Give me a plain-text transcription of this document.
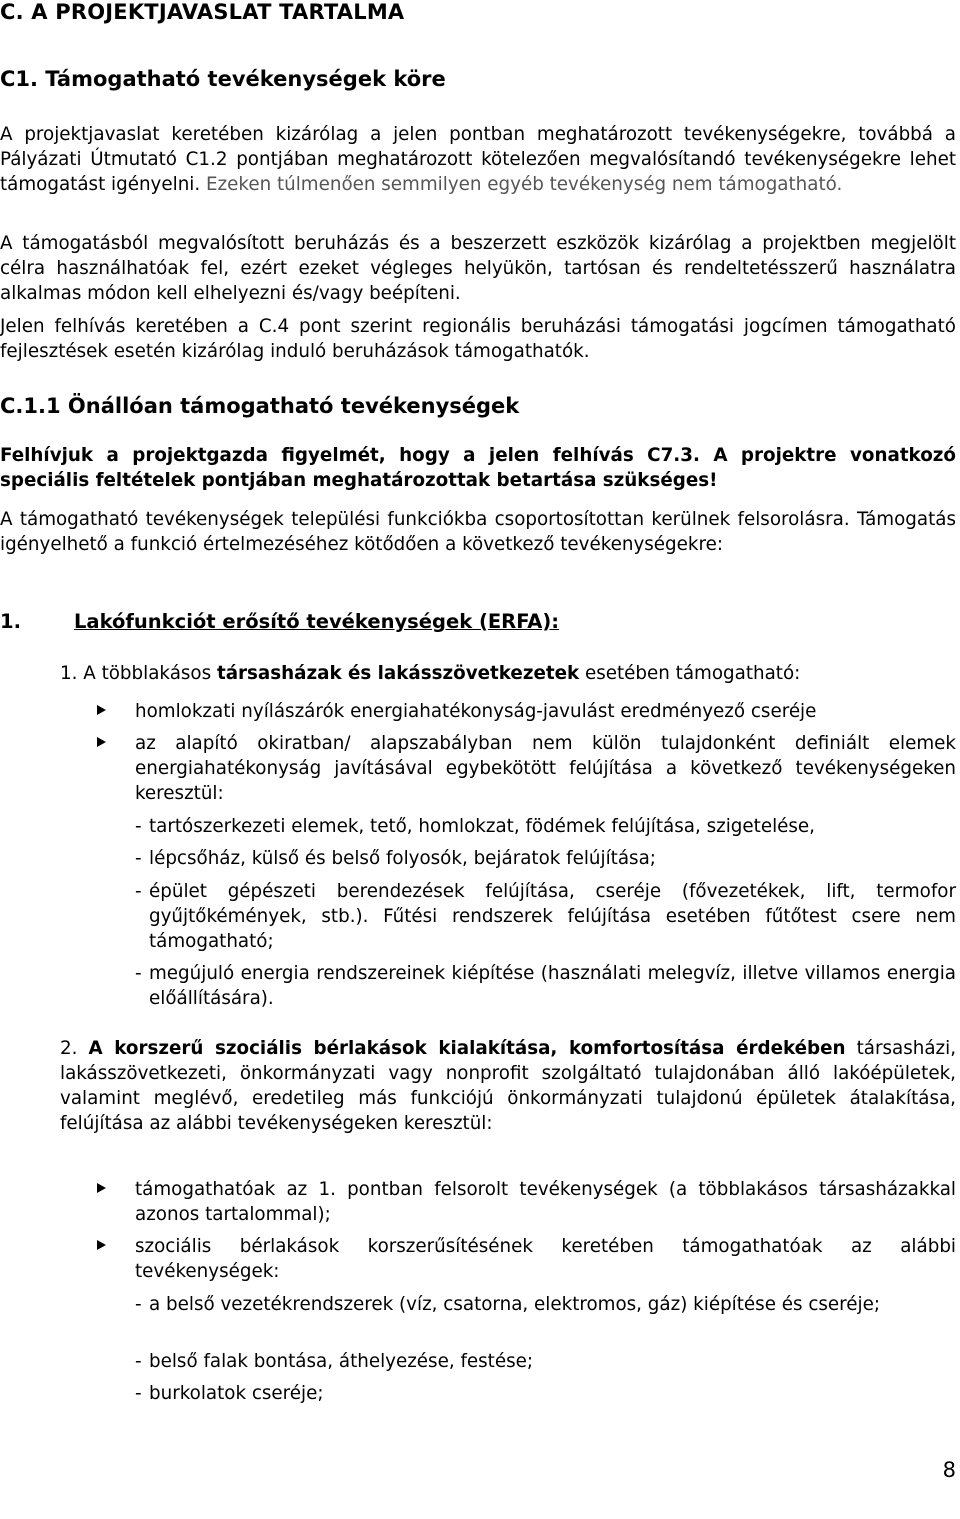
C. A PROJEKTJAVASLAT TARTALMA
C1. Támogatható tevékenységek köre

A projektjavaslat keretében kizárólag a jelen pontban meghatározott tevékenységekre, továbbá a Pályázati Útmutató C1.2 pontjában meghatározott kötelezően megvalósítandó tevékenységekre lehet támogatást igényelni. Ezeken túlmenően semmilyen egyéb tevékenység nem támogatható.

A támogatásból megvalósított beruházás és a beszerzett eszközök kizárólag a projektben megjelölt célra használhatóak fel, ezért ezeket végleges helyükön, tartósan és rendeltetésszerű használatra alkalmas módon kell elhelyezni és/vagy beépíteni.

Jelen felhívás keretében a C.4 pont szerint regionális beruházási támogatási jogcímen támogatható fejlesztések esetén kizárólag induló beruházások támogathatók.

C.1.1 Önállóan támogatható tevékenységek

Felhívjuk a projektgazda figyelmét, hogy a jelen felhívás C7.3. A projektre vonatkozó speciális feltételek pontjában meghatározottak betartása szükséges!

A támogatható tevékenységek települési funkciókba csoportosítottan kerülnek felsorolásra. Támogatás igényelhető a funkció értelmezéséhez kötődően a következő tevékenységekre:

1.	Lakófunkciót erősítő tevékenységek (ERFA):

1. A többlakásos társasházak és lakásszövetkezetek esetében támogatható:

homlokzati nyílászárók energiahatékonyság-javulást eredményező cseréje

az alapító okiratban/ alapszabályban nem külön tulajdonként definiált elemek energiahatékonyság javításával egybekötött felújítása a következő tevékenységeken keresztül:

- tartószerkezeti elemek, tető, homlokzat, födémek felújítása, szigetelése,
- lépcsőház, külső és belső folyosók, bejáratok felújítása;
- épület gépészeti berendezések felújítása, cseréje (fővezetékek, lift, termofor gyűjtőkémények, stb.). Fűtési rendszerek felújítása esetében fűtőtest csere nem támogatható;
- megújuló energia rendszereinek kiépítése (használati melegvíz, illetve villamos energia előállítására).

2. A korszerű szociális bérlakások kialakítása, komfortosítása érdekében társasházi, lakásszövetkezeti, önkormányzati vagy nonprofit szolgáltató tulajdonában álló lakóépületek, valamint meglévő, eredetileg más funkciójú önkormányzati tulajdonú épületek átalakítása, felújítása az alábbi tevékenységeken keresztül:

támogathatóak az 1. pontban felsorolt tevékenységek (a többlakásos társasházakkal azonos tartalommal);

szociális bérlakások korszerűsítésének keretében támogathatóak az alábbi tevékenységek:

- a belső vezetékrendszerek (víz, csatorna, elektromos, gáz) kiépítése és cseréje;
- belső falak bontása, áthelyezése, festése;
- burkolatok cseréje;
8
